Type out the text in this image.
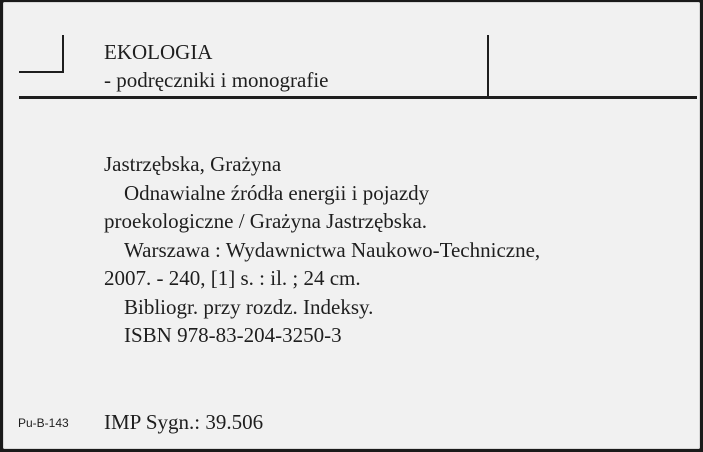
EKOLOGIA
- podręczniki i monografie
Jastrzębska, Grażyna
Odnawialne źródła energii i pojazdy
proekologiczne / Grażyna Jastrzębska.
Warszawa : Wydawnictwa Naukowo-Techniczne,
2007. - 240, [1] s. : il. ; 24 cm.
Bibliogr. przy rozdz. Indeksy.
ISBN 978-83-204-3250-3
Pu-B-143 IMP Sygn.: 39.506
